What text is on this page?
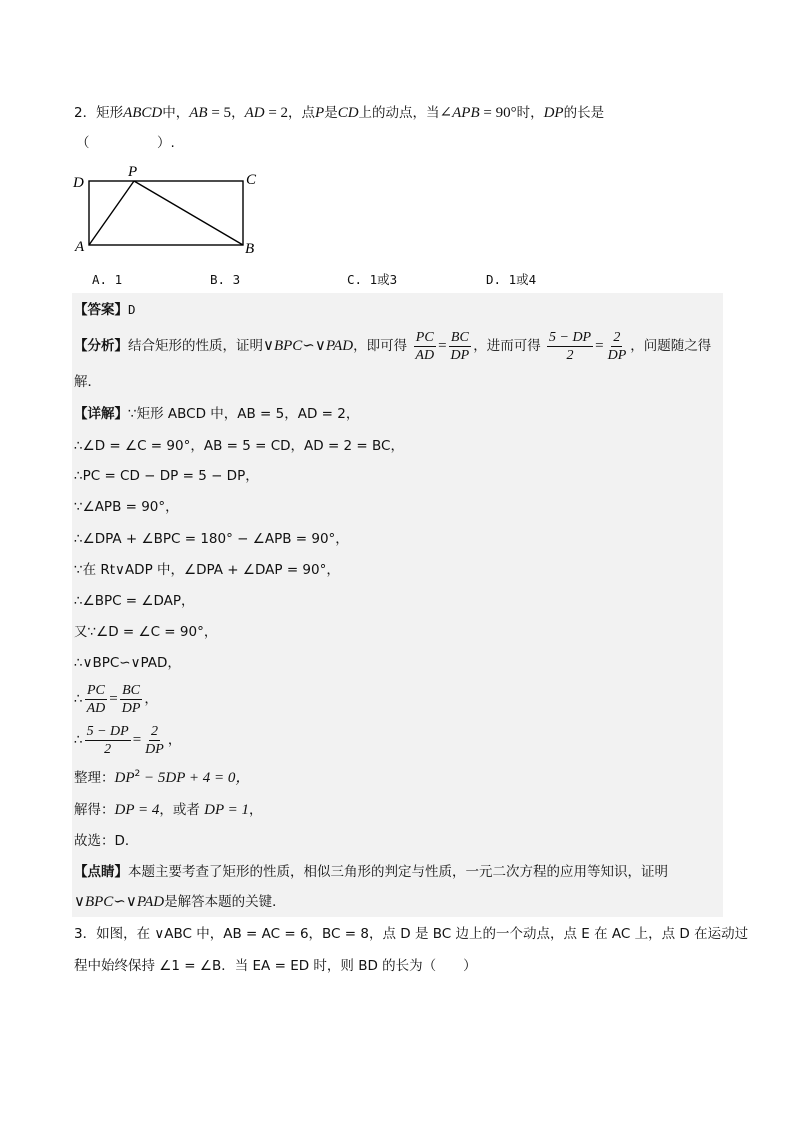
2．矩形ABCD中，AB = 5，AD = 2，点P是CD上的动点，当∠APB = 90°时，DP的长是
（　　　　　）.
D
P	C
A	B
A. 1	B. 3	C. 1或3	D. 1或4
【答案】D
【分析】结合矩形的性质，证明∨BPC∽∨PAD，即可得 $\frac{PC}{AD} = \frac{BC}{DP}$ ，进而可得 $\frac{5 - DP}{2} = \frac{2}{DP}$ ，问题随之得
解．
【详解】∵矩形 ABCD 中，AB = 5，AD = 2，
∴∠D = ∠C = 90°，AB = 5 = CD，AD = 2 = BC，
∴PC = CD − DP = 5 − DP，
∵∠APB = 90°，
∴∠DPA + ∠BPC = 180° − ∠APB = 90°，
∵在 Rt∨ADP 中，∠DPA + ∠DAP = 90°，
∴∠BPC = ∠DAP，
又∵∠D = ∠C = 90°，
∴∨BPC∽∨PAD，
∴ $\frac{PC}{AD} = \frac{BC}{DP}$ ，
∴ $\frac{5 - DP}{2} = \frac{2}{DP}$ ，
整理：$DP^2 - 5DP + 4 = 0$，
解得：DP = 4，或者 DP = 1，
故选：D．
【点睛】本题主要考查了矩形的性质，相似三角形的判定与性质，一元二次方程的应用等知识，证明
∨BPC∽∨PAD是解答本题的关键．
3．如图，在 ∨ABC 中，AB = AC = 6，BC = 8，点 D 是 BC 边上的一个动点，点 E 在 AC 上，点 D 在运动过
程中始终保持 ∠1 = ∠B．当 EA = ED 时，则 BD 的长为（　　）
